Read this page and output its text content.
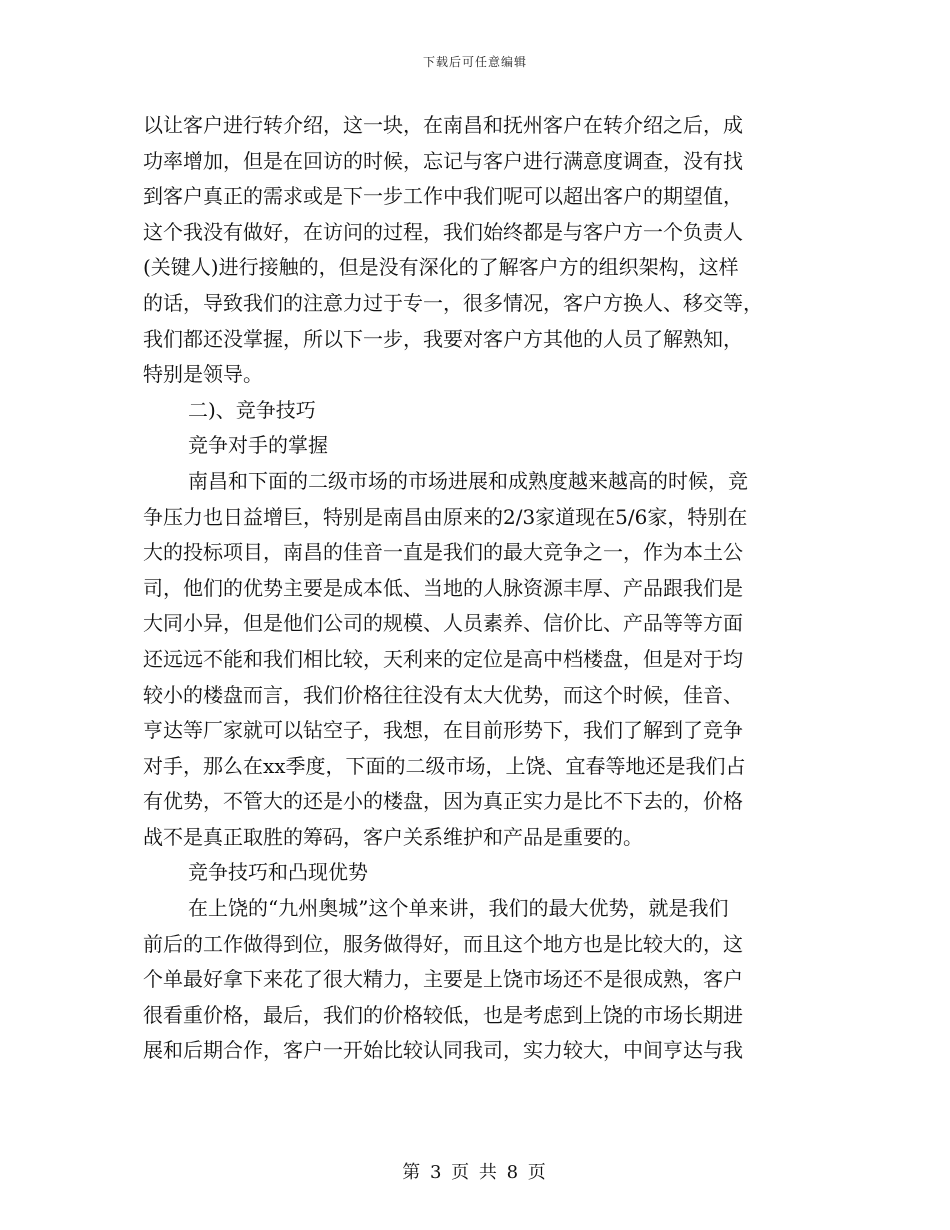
下载后可任意编辑
以让客户进行转介绍，这一块，在南昌和抚州客户在转介绍之后，成
功率增加，但是在回访的时候，忘记与客户进行满意度调查，没有找
到客户真正的需求或是下一步工作中我们呢可以超出客户的期望值，
这个我没有做好，在访问的过程，我们始终都是与客户方一个负责人
(关键人)进行接触的，但是没有深化的了解客户方的组织架构，这样
的话，导致我们的注意力过于专一，很多情况，客户方换人、移交等，
我们都还没掌握，所以下一步，我要对客户方其他的人员了解熟知，
特别是领导。
二)、竞争技巧
竞争对手的掌握
南昌和下面的二级市场的市场进展和成熟度越来越高的时候，竞
争压力也日益增巨，特别是南昌由原来的2/3家道现在5/6家，特别在
大的投标项目，南昌的佳音一直是我们的最大竞争之一，作为本土公
司，他们的优势主要是成本低、当地的人脉资源丰厚、产品跟我们是
大同小异，但是他们公司的规模、人员素养、信价比、产品等等方面
还远远不能和我们相比较，天利来的定位是高中档楼盘，但是对于均
较小的楼盘而言，我们价格往往没有太大优势，而这个时候，佳音、
亨达等厂家就可以钻空子，我想，在目前形势下，我们了解到了竞争
对手，那么在xx季度，下面的二级市场，上饶、宜春等地还是我们占
有优势，不管大的还是小的楼盘，因为真正实力是比不下去的，价格
战不是真正取胜的筹码，客户关系维护和产品是重要的。
竞争技巧和凸现优势
在上饶的“九州奥城”这个单来讲，我们的最大优势，就是我们
前后的工作做得到位，服务做得好，而且这个地方也是比较大的，这
个单最好拿下来花了很大精力，主要是上饶市场还不是很成熟，客户
很看重价格，最后，我们的价格较低，也是考虑到上饶的市场长期进
展和后期合作，客户一开始比较认同我司，实力较大，中间亨达与我
第 3 页 共 8 页
